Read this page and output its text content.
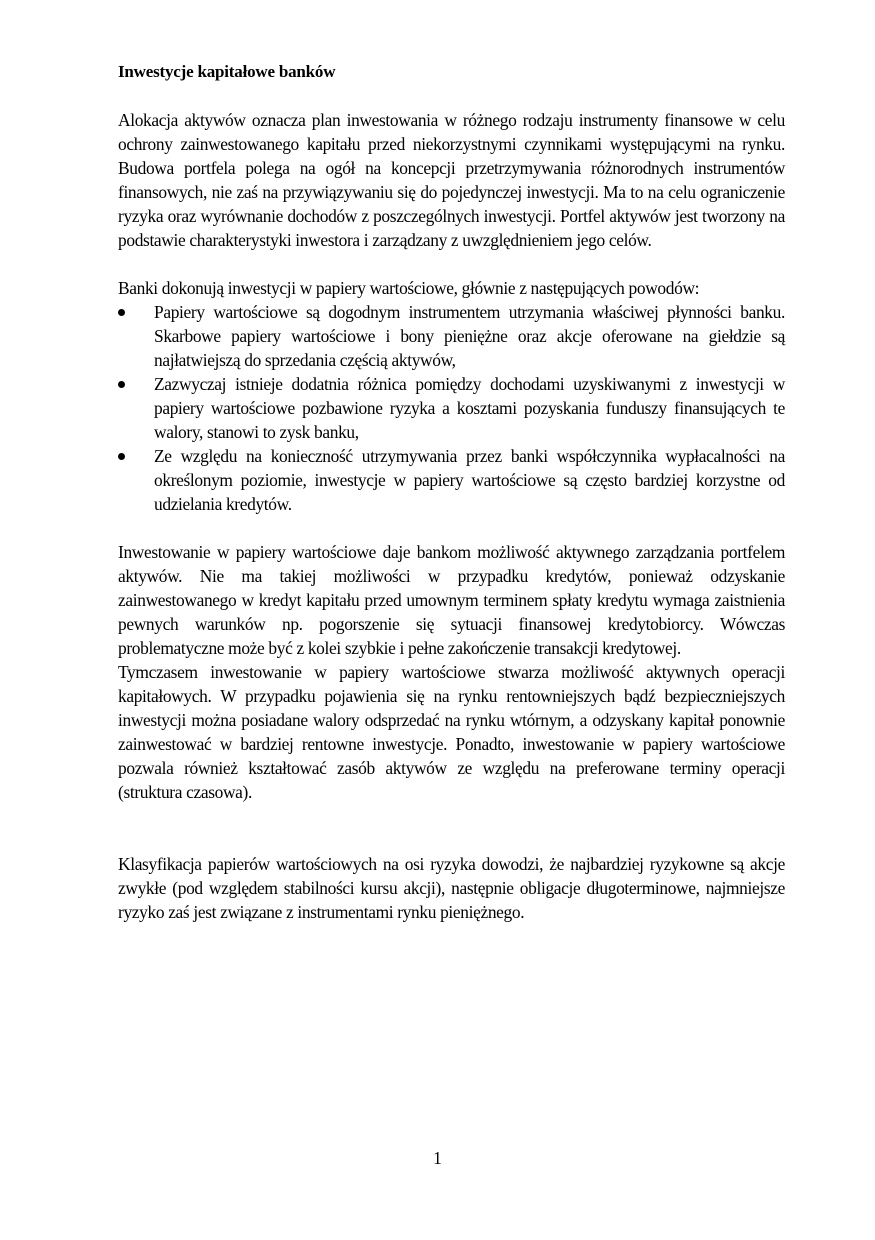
Inwestycje kapitałowe banków

Alokacja aktywów oznacza plan inwestowania w różnego rodzaju instrumenty finansowe w celu ochrony zainwestowanego kapitału przed niekorzystnymi czynnikami występującymi na rynku. Budowa portfela polega na ogół na koncepcji przetrzymywania różnorodnych instrumentów finansowych, nie zaś na przywiązywaniu się do pojedynczej inwestycji. Ma to na celu ograniczenie ryzyka oraz wyrównanie dochodów z poszczególnych inwestycji. Portfel aktywów jest tworzony na podstawie charakterystyki inwestora i zarządzany z uwzględnieniem jego celów.

Banki dokonują inwestycji w papiery wartościowe, głównie z następujących powodów:

Papiery wartościowe są dogodnym instrumentem utrzymania właściwej płynności banku. Skarbowe papiery wartościowe i bony pieniężne oraz akcje oferowane na giełdzie są najłatwiejszą do sprzedania częścią aktywów,
Zazwyczaj istnieje dodatnia różnica pomiędzy dochodami uzyskiwanymi z inwestycji w papiery wartościowe pozbawione ryzyka a kosztami pozyskania funduszy finansujących te walory, stanowi to zysk banku,
Ze względu na konieczność utrzymywania przez banki współczynnika wypłacalności na określonym poziomie, inwestycje w papiery wartościowe są często bardziej korzystne od udzielania kredytów.

Inwestowanie w papiery wartościowe daje bankom możliwość aktywnego zarządzania portfelem aktywów. Nie ma takiej możliwości w przypadku kredytów, ponieważ odzyskanie zainwestowanego w kredyt kapitału przed umownym terminem spłaty kredytu wymaga zaistnienia pewnych warunków np. pogorszenie się sytuacji finansowej kredytobiorcy. Wówczas problematyczne może być z kolei szybkie i pełne zakończenie transakcji kredytowej.

Tymczasem inwestowanie w papiery wartościowe stwarza możliwość aktywnych operacji kapitałowych. W przypadku pojawienia się na rynku rentowniejszych bądź bezpieczniejszych inwestycji można posiadane walory odsprzedać na rynku wtórnym, a odzyskany kapitał ponownie zainwestować w bardziej rentowne inwestycje. Ponadto, inwestowanie w papiery wartościowe pozwala również kształtować zasób aktywów ze względu na preferowane terminy operacji (struktura czasowa).

Klasyfikacja papierów wartościowych na osi ryzyka dowodzi, że najbardziej ryzykowne są akcje zwykłe (pod względem stabilności kursu akcji), następnie obligacje długoterminowe, najmniejsze ryzyko zaś jest związane z instrumentami rynku pieniężnego.

1
